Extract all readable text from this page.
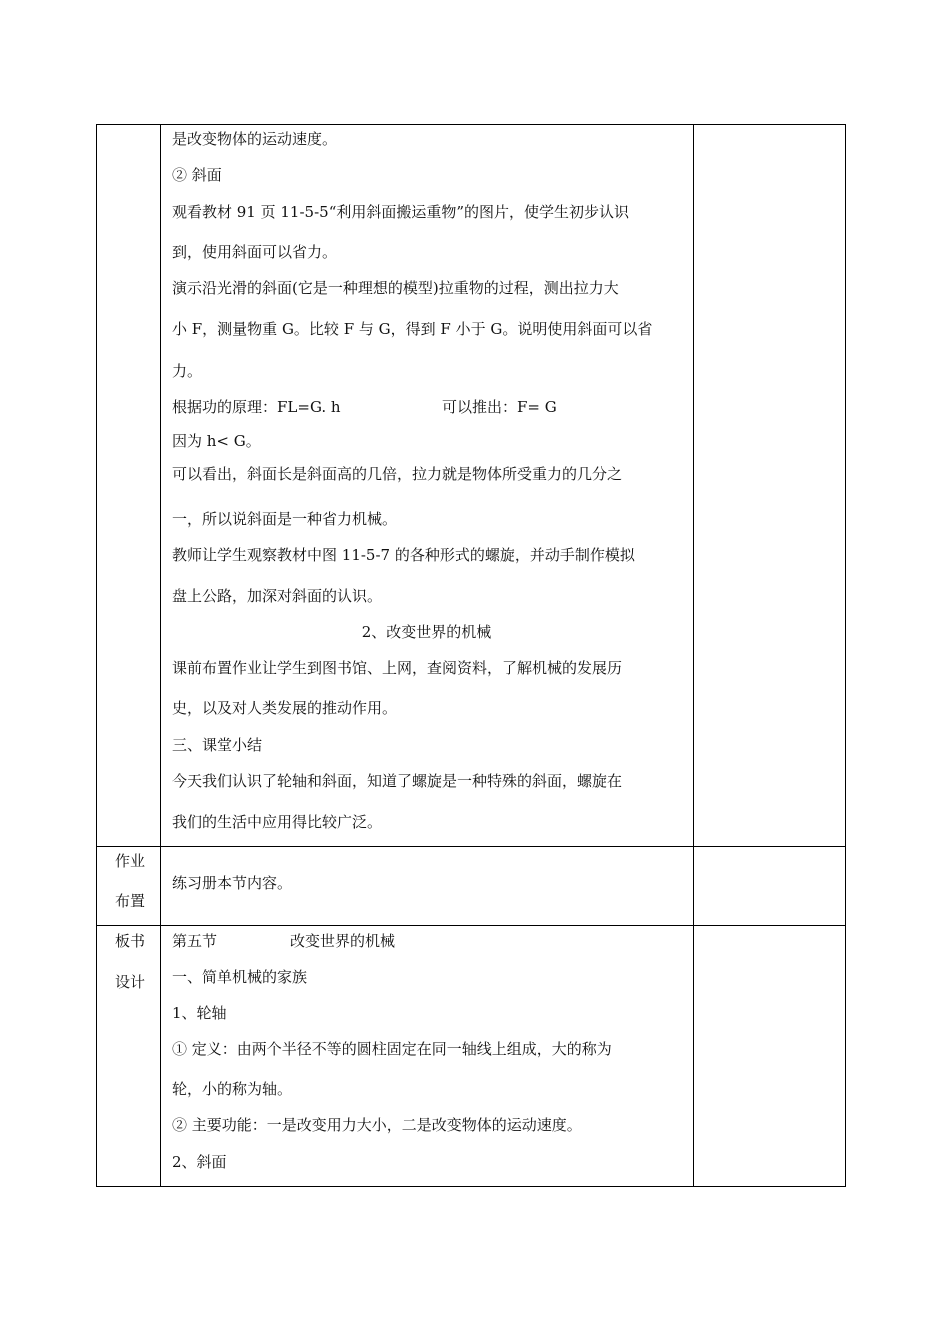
是改变物体的运动速度。
② 斜面
观看教材 91 页 11-5-5“利用斜面搬运重物”的图片，使学生初步认识
到，使用斜面可以省力。
演示沿光滑的斜面(它是一种理想的模型)拉重物的过程，测出拉力大
小 F，测量物重 G。比较 F 与 G，得到 F 小于 G。说明使用斜面可以省
力。
根据功的原理：FL=G. h	可以推出：F= G
因为 h< G。
可以看出，斜面长是斜面高的几倍，拉力就是物体所受重力的几分之
一，所以说斜面是一种省力机械。
教师让学生观察教材中图 11-5-7 的各种形式的螺旋，并动手制作模拟
盘上公路，加深对斜面的认识。
2、改变世界的机械
课前布置作业让学生到图书馆、上网，查阅资料，了解机械的发展历
史，以及对人类发展的推动作用。
三、课堂小结
今天我们认识了轮轴和斜面，知道了螺旋是一种特殊的斜面，螺旋在
我们的生活中应用得比较广泛。
作业
布置
练习册本节内容。
板书
设计
第五节	改变世界的机械
一、简单机械的家族
1、轮轴
① 定义：由两个半径不等的圆柱固定在同一轴线上组成，大的称为
轮，小的称为轴。
② 主要功能：一是改变用力大小，二是改变物体的运动速度。
2、斜面
